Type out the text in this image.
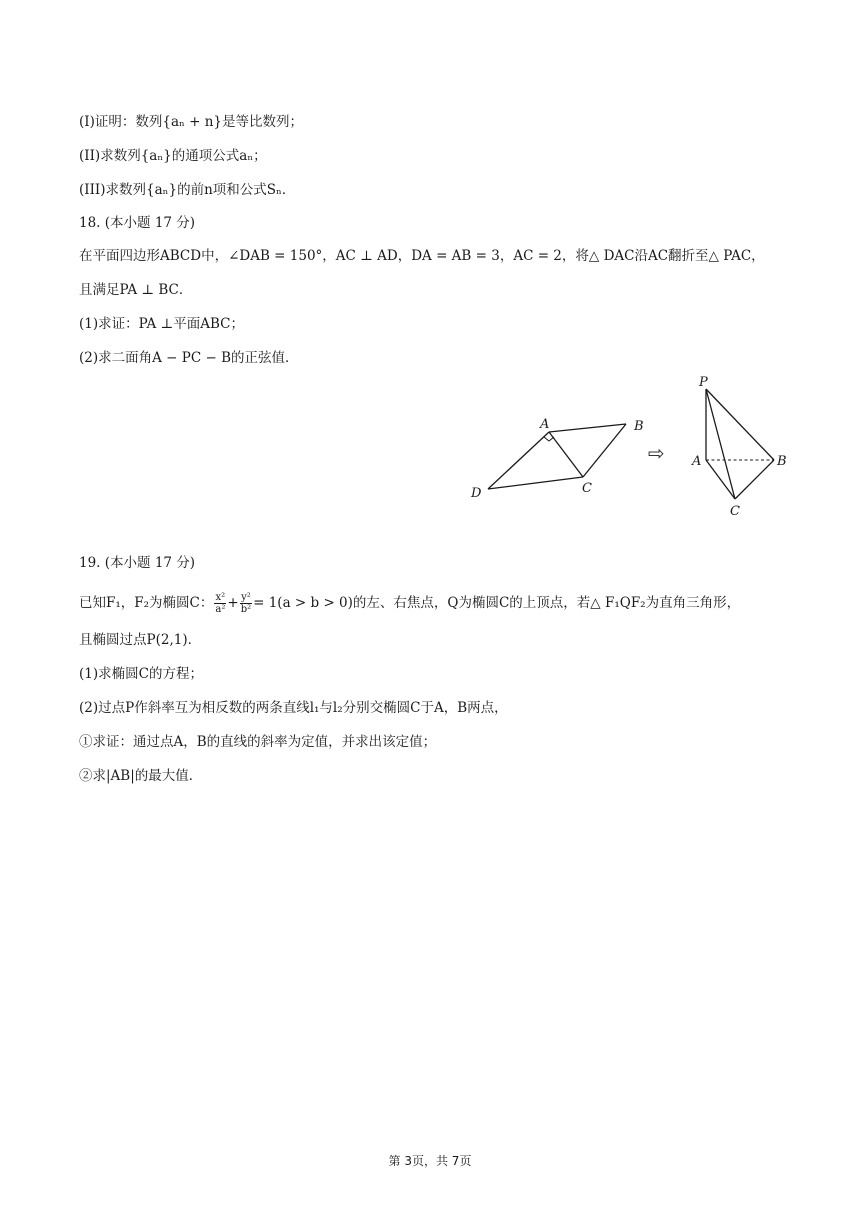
(I)证明：数列{aₙ + n}是等比数列；
(II)求数列{aₙ}的通项公式aₙ；
(III)求数列{aₙ}的前n项和公式Sₙ．
18. (本小题 17 分)
在平面四边形ABCD中，∠DAB = 150°，AC ⊥ AD，DA = AB = 3，AC = 2，将△ DAC沿AC翻折至△ PAC，
且满足PA ⊥ BC．
(1)求证：PA ⊥平面ABC；
(2)求二面角A − PC − B的正弦值．
A	B
C
D
⇨
P
A	B
C
19. (本小题 17 分)
已知F₁，F₂为椭圆C： $\frac{\text{x²}}{\text{a²}} + \frac{\text{y²}}{\text{b²}} = 1(a > b > 0)$的左、右焦点，Q为椭圆C的上顶点，若△ F₁QF₂为直角三角形，
且椭圆过点P(2,1)．
(1)求椭圆C的方程；
(2)过点P作斜率互为相反数的两条直线l₁与l₂分别交椭圆C于A，B两点，
①求证：通过点A，B的直线的斜率为定值，并求出该定值；
②求|AB|的最大值．
第 3页，共 7页
